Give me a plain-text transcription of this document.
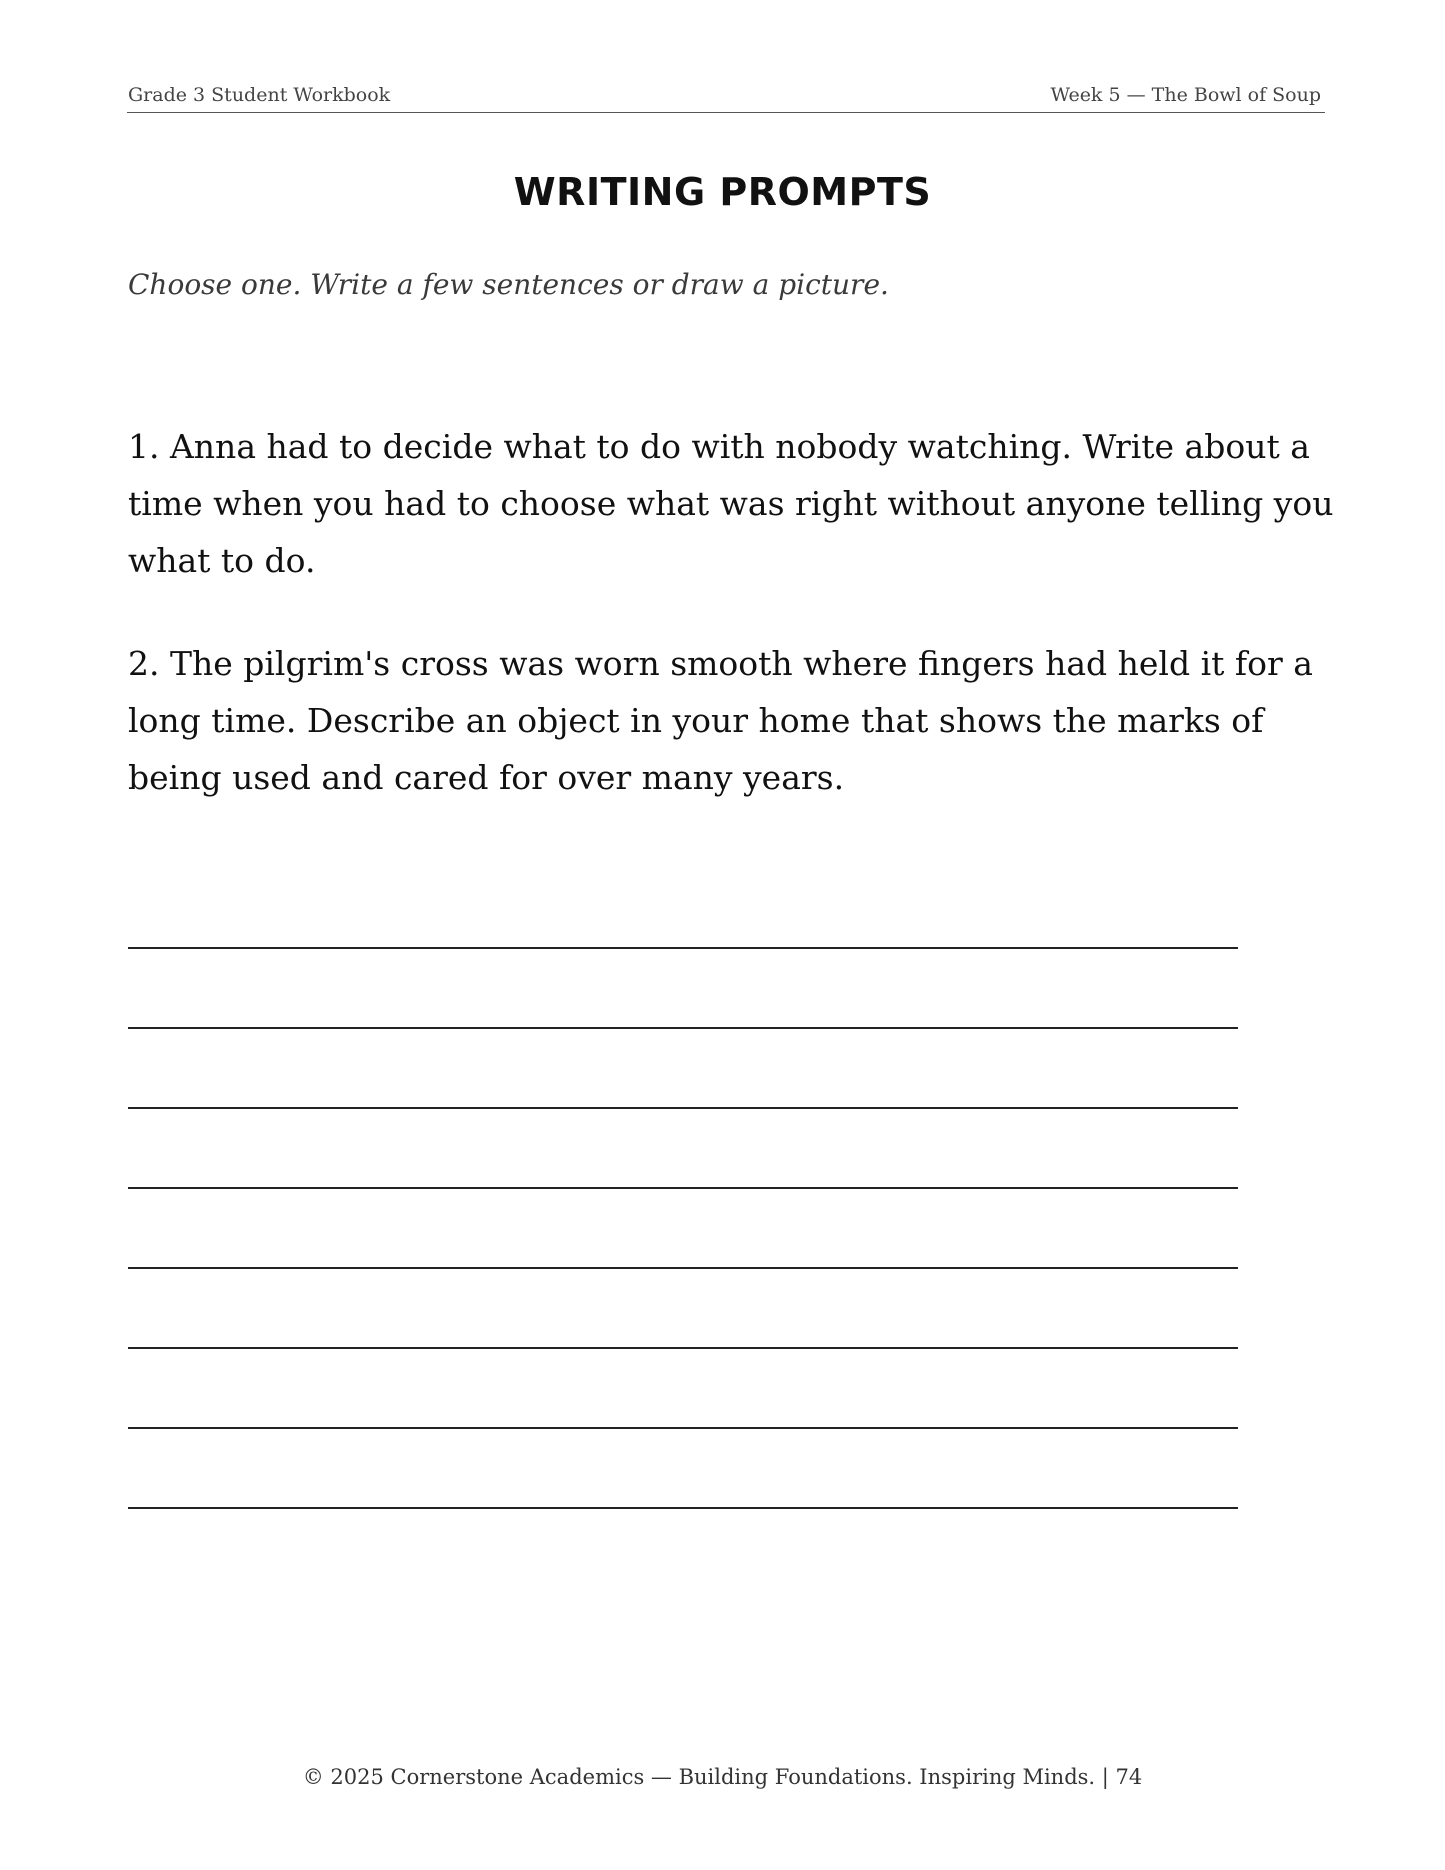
Grade 3 Student Workbook	Week 5 — The Bowl of Soup
WRITING PROMPTS
Choose one. Write a few sentences or draw a picture.
1. Anna had to decide what to do with nobody watching. Write about a time when you had to choose what was right without anyone telling you what to do.
2. The pilgrim's cross was worn smooth where fingers had held it for a long time. Describe an object in your home that shows the marks of being used and cared for over many years.
© 2025 Cornerstone Academics — Building Foundations. Inspiring Minds. | 74
